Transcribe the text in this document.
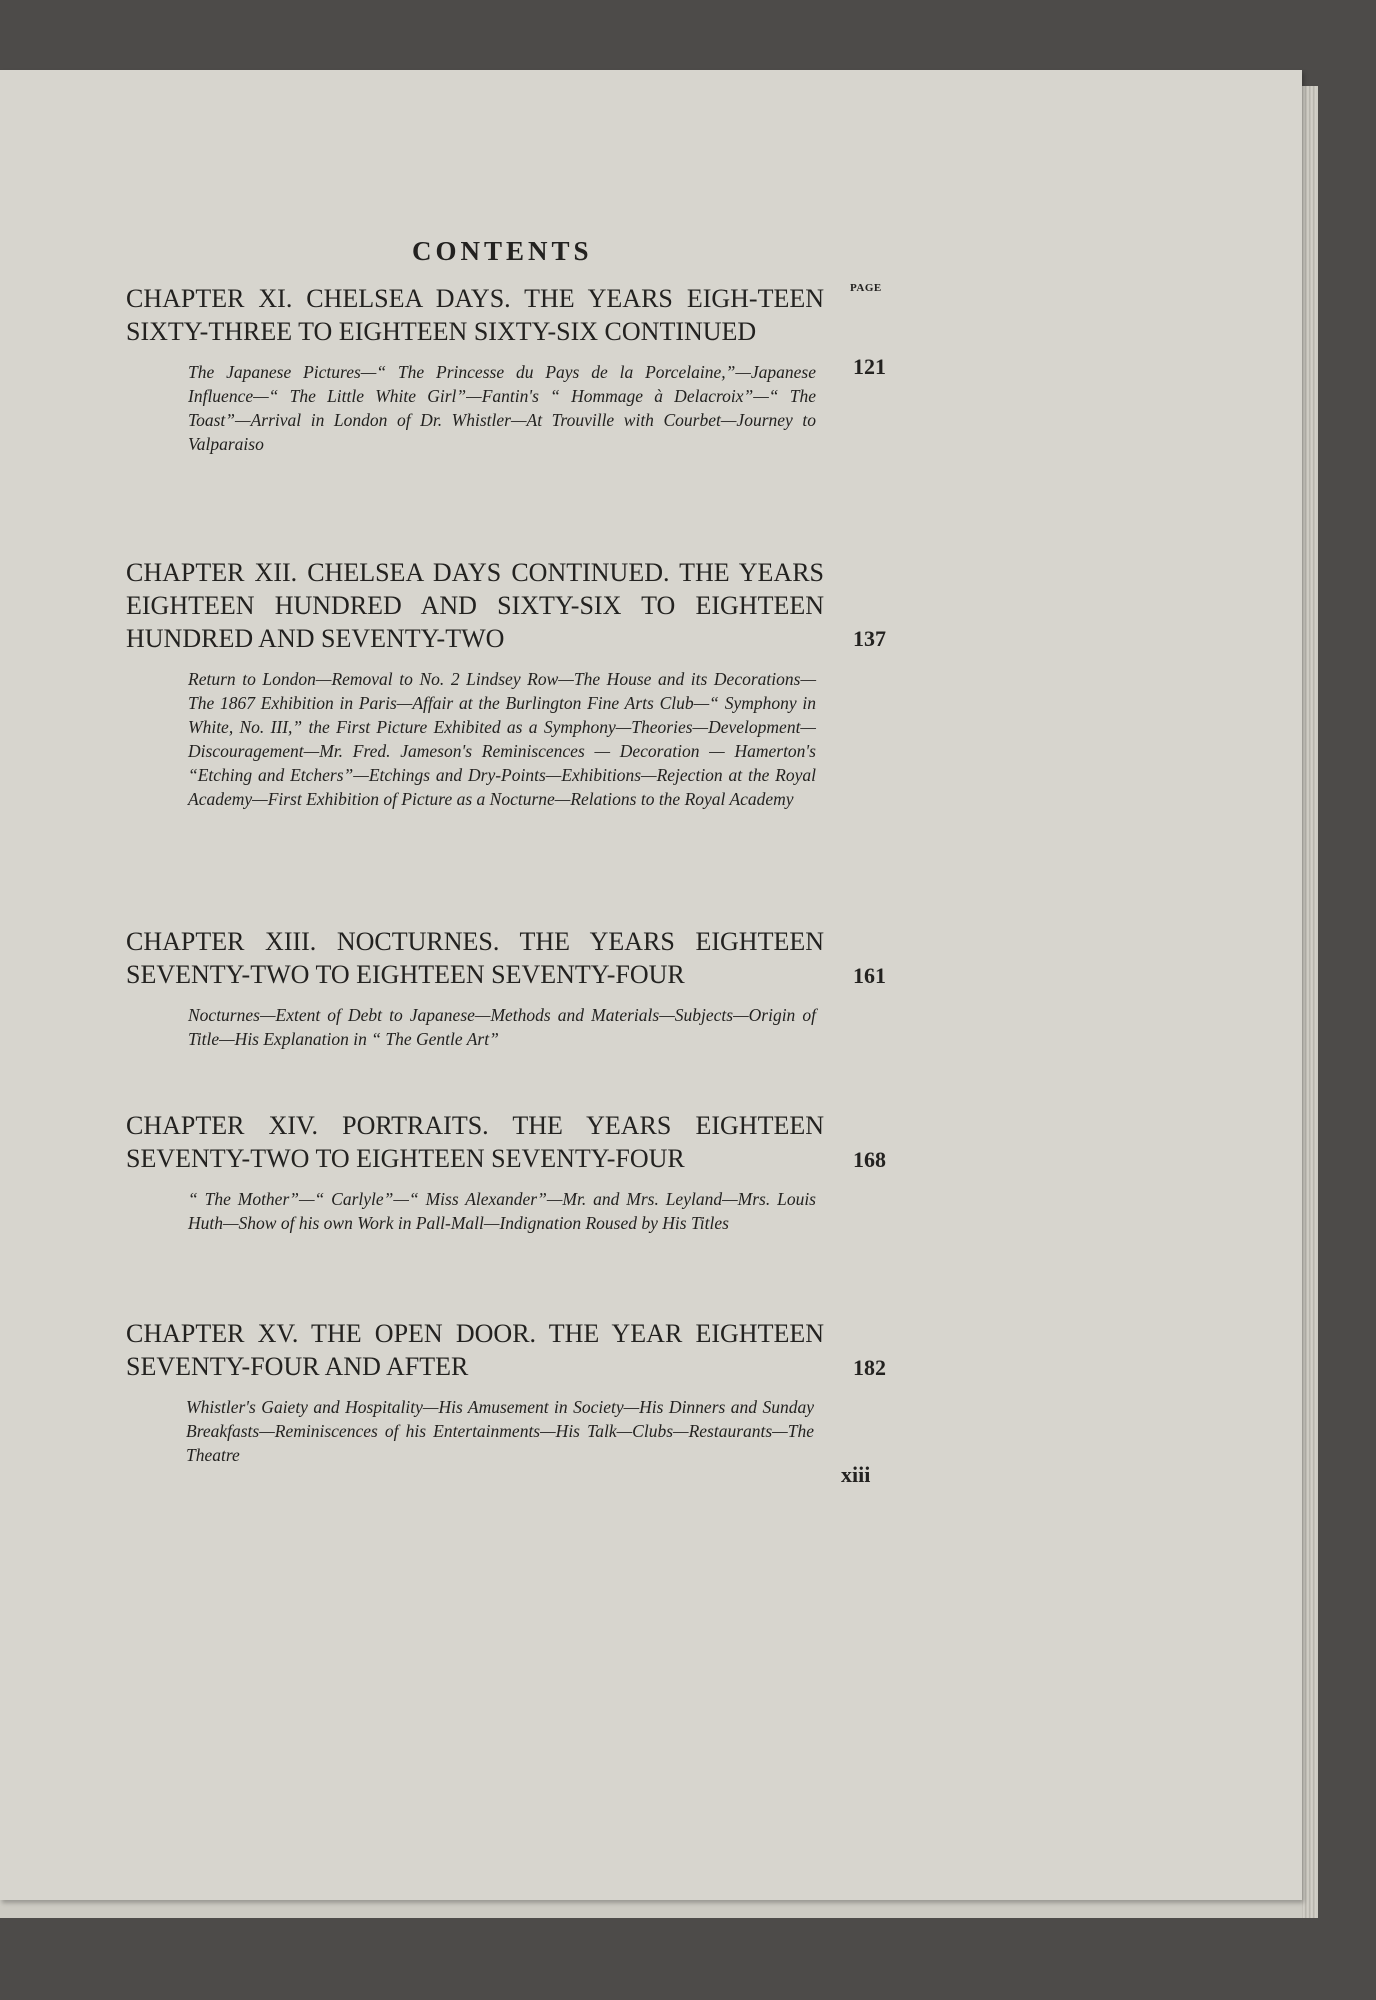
CONTENTS
PAGE
CHAPTER XI. CHELSEA DAYS. THE YEARS EIGH-TEEN SIXTY-THREE TO EIGHTEEN SIXTY-SIX CONTINUED
121
The Japanese Pictures—“ The Princesse du Pays de la Porcelaine,”—Japanese Influence—“ The Little White Girl”—Fantin's “ Hommage à Delacroix”—“ The Toast”—Arrival in London of Dr. Whistler—At Trouville with Courbet—Journey to Valparaiso
CHAPTER XII. CHELSEA DAYS CONTINUED. THE YEARS EIGHTEEN HUNDRED AND SIXTY-SIX TO EIGHTEEN HUNDRED AND SEVENTY-TWO	137
Return to London—Removal to No. 2 Lindsey Row—The House and its Decorations—The 1867 Exhibition in Paris—Affair at the Burlington Fine Arts Club—“ Symphony in White, No. III,” the First Picture Exhibited as a Symphony—Theories—Development—Discouragement—Mr. Fred. Jameson's Reminiscences — Decoration — Hamerton's “Etching and Etchers”—Etchings and Dry-Points—Exhibitions—Rejection at the Royal Academy—First Exhibition of Picture as a Nocturne—Relations to the Royal Academy
CHAPTER XIII. NOCTURNES. THE YEARS EIGHTEEN SEVENTY-TWO TO EIGHTEEN SEVENTY-FOUR	161
Nocturnes—Extent of Debt to Japanese—Methods and Materials—Subjects—Origin of Title—His Explanation in “ The Gentle Art”
CHAPTER XIV. PORTRAITS. THE YEARS EIGHTEEN SEVENTY-TWO TO EIGHTEEN SEVENTY-FOUR	168
“ The Mother”—“ Carlyle”—“ Miss Alexander”—Mr. and Mrs. Leyland—Mrs. Louis Huth—Show of his own Work in Pall-Mall—Indignation Roused by His Titles
CHAPTER XV. THE OPEN DOOR. THE YEAR EIGHTEEN SEVENTY-FOUR AND AFTER	182
Whistler's Gaiety and Hospitality—His Amusement in Society—His Dinners and Sunday Breakfasts—Reminiscences of his Entertainments—His Talk—Clubs—Restaurants—The Theatre
xiii
